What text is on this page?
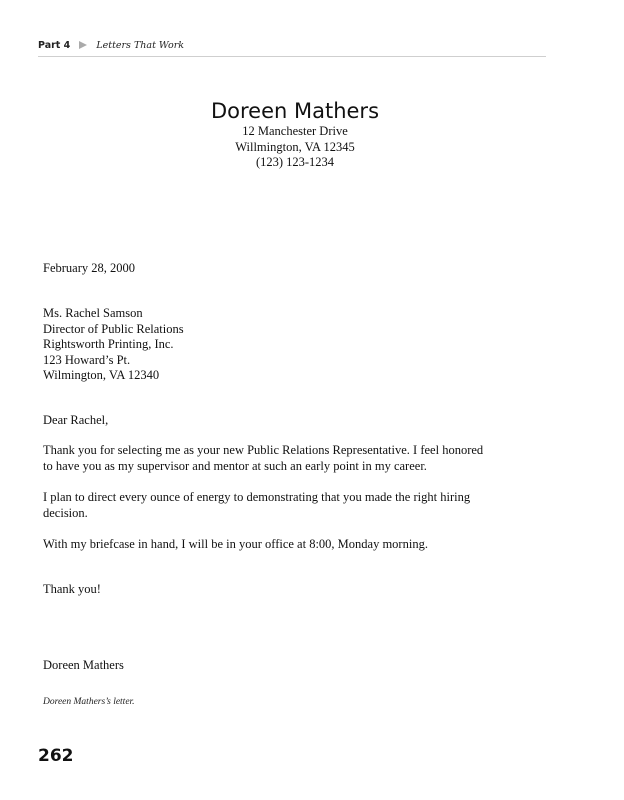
Part 4	Letters That Work
Doreen Mathers
12 Manchester Drive
Willmington, VA 12345
(123) 123-1234
February 28, 2000
Ms. Rachel Samson
Director of Public Relations
Rightsworth Printing, Inc.
123 Howard’s Pt.
Wilmington, VA 12340
Dear Rachel,
Thank you for selecting me as your new Public Relations Representative. I feel honored
to have you as my supervisor and mentor at such an early point in my career.
I plan to direct every ounce of energy to demonstrating that you made the right hiring
decision.
With my briefcase in hand, I will be in your office at 8:00, Monday morning.
Thank you!
Doreen Mathers
Doreen Mathers’s letter.
262
